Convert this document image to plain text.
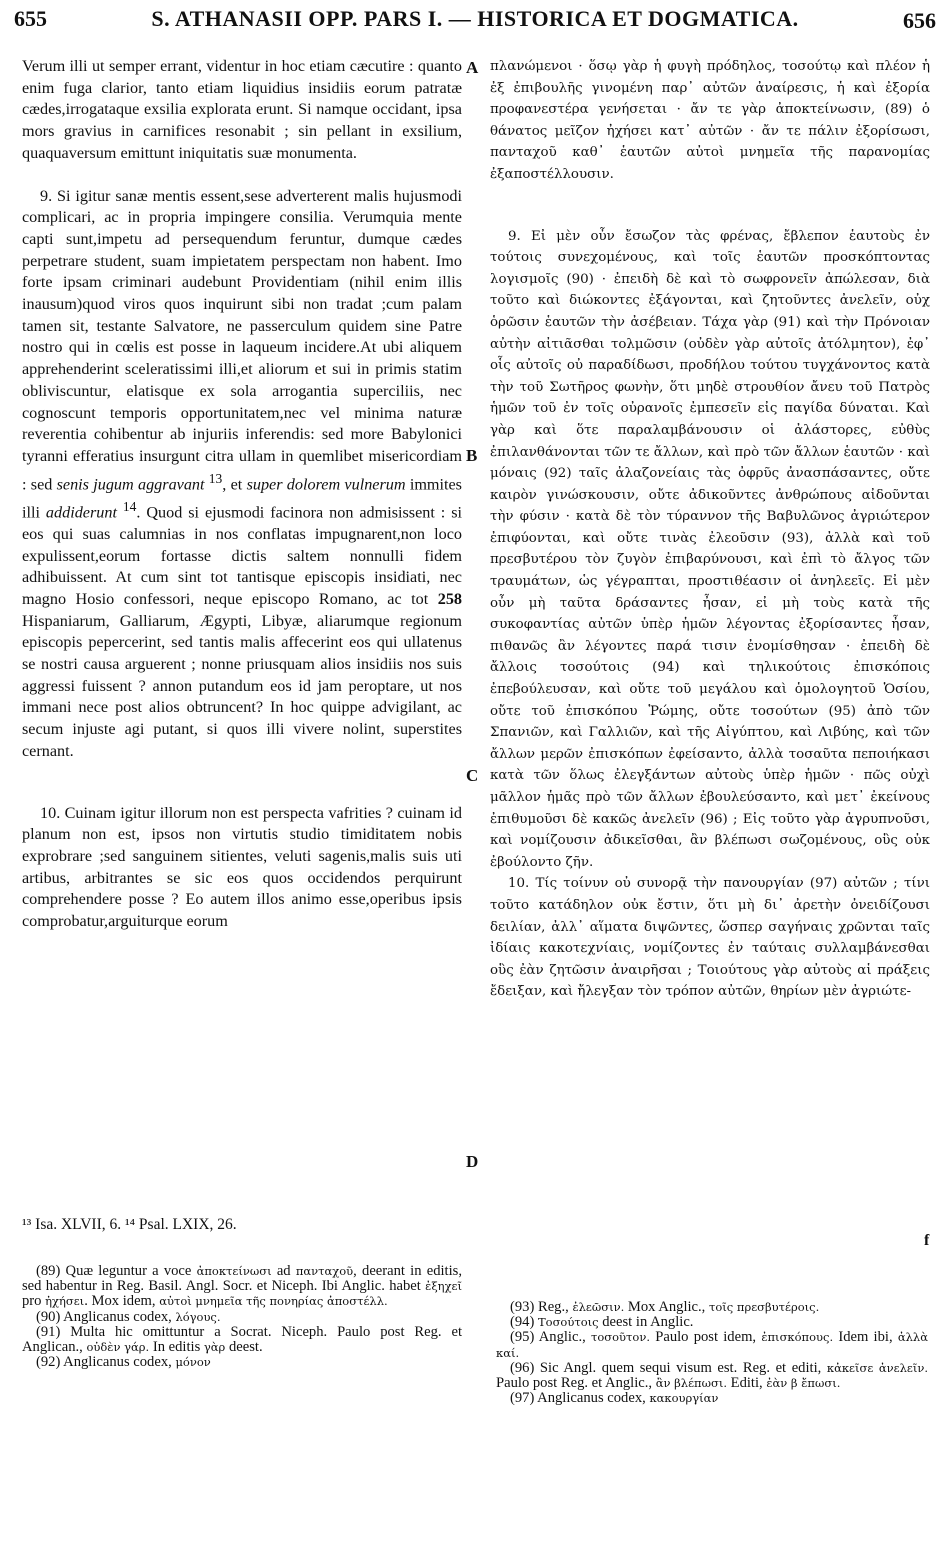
655	S. ATHANASII OPP. PARS I. — HISTORICA ET DOGMATICA.	656

Verum illi ut semper errant, videntur in hoc etiam cæcutire : quanto enim fuga clarior, tanto etiam liquidius insidiis eorum patratæ cædes,irrogataque exsilia explorata erunt. Si namque occidant, ipsa mors gravius in carnifices resonabit ; sin pellant in exsilium, quaquaversum emittunt iniquitatis suæ monumenta.

9. Si igitur sanæ mentis essent,sese adverterent malis hujusmodi complicari, ac in propria impingere consilia. Verumquia mente capti sunt,impetu ad persequendum feruntur, dumque cædes perpetrare student, suam impietatem perspectam non habent. Imo forte ipsam criminari audebunt Providentiam (nihil enim illis inausum)quod viros quos inquirunt sibi non tradat ;cum palam tamen sit, testante Salvatore, ne passerculum quidem sine Patre nostro qui in cœlis est posse in laqueum incidere.At ubi aliquem apprehenderint sceleratissimi illi,et aliorum et sui in primis statim obliviscuntur, elatisque ex sola arrogantia superciliis, nec cognoscunt temporis opportunitatem,nec vel minima naturæ reverentia cohibentur ab injuriis inferendis: sed more Babylonici tyranni efferatius insurgunt citra ullam in quemlibet misericordiam : sed senis jugum aggravant $^{13}$, et super dolorem vulnerum immites illi addiderunt $^{14}$. Quod si ejusmodi facinora non admisissent : si eos qui suas calumnias in nos conflatas impugnarent,non loco expulissent,eorum fortasse dictis saltem nonnulli fidem adhibuissent. At cum sint tot tantisque episcopis insidiati, nec magno Hosio confessori, neque episcopo Romano, ac tot 258 Hispaniarum, Galliarum, Ægypti, Libyæ, aliarumque regionum episcopis pepercerint, sed tantis malis affecerint eos qui ullatenus se nostri causa arguerent ; nonne priusquam alios insidiis nos suis aggressi fuissent ? annon putandum eos id jam peroptare, ut nos immani nece post alios obtruncent? In hoc quippe advigilant, ac secum injuste agi putant, si quos illi vivere nolint, superstites cernant.

10. Cuinam igitur illorum non est perspecta vafrities ? cuinam id planum non est, ipsos non virtutis studio timiditatem nobis exprobrare ;sed sanguinem sitientes, veluti sagenis,malis suis uti artibus, arbitrantes se sic eos quos occidendos perquirunt comprehendere posse ? Eo autem illos animo esse,operibus ipsis comprobatur,arguiturque eorum

A
B
C
D

πλανώμενοι · ὅσῳ γὰρ ἡ φυγὴ πρόδηλος, τοσούτῳ καὶ πλέον ἡ ἐξ ἐπιβουλῆς γινομένη παρ᾽ αὐτῶν ἀναίρεσις, ἡ καὶ ἐξορία προφανεστέρα γενήσεται · ἄν τε γὰρ ἀποκτείνωσιν, (89) ὁ θάνατος μεῖζον ἠχήσει κατ᾽ αὐτῶν · ἄν τε πάλιν ἐξορίσωσι, πανταχοῦ καθ᾽ ἑαυτῶν αὐτοὶ μνημεῖα τῆς παρανομίας ἐξαποστέλλουσιν.

9. Εἰ μὲν οὖν ἔσωζον τὰς φρένας, ἔβλεπον ἑαυτοὺς ἐν τούτοις συνεχομένους, καὶ τοῖς ἑαυτῶν προσκόπτοντας λογισμοῖς (90) · ἐπειδὴ δὲ καὶ τὸ σωφρονεῖν ἀπώλεσαν, διὰ τοῦτο καὶ διώκοντες ἐξάγονται, καὶ ζητοῦντες ἀνελεῖν, οὐχ ὁρῶσιν ἑαυτῶν τὴν ἀσέβειαν. Τάχα γὰρ (91) καὶ τὴν Πρόνοιαν αὐτὴν αἰτιᾶσθαι τολμῶσιν (οὐδὲν γὰρ αὐτοῖς ἀτόλμητον), ἐφ᾽ οἷς αὐτοῖς οὐ παραδίδωσι, προδήλου τούτου τυγχάνοντος κατὰ τὴν τοῦ Σωτῆρος φωνὴν, ὅτι μηδὲ στρουθίον ἄνευ τοῦ Πατρὸς ἡμῶν τοῦ ἐν τοῖς οὐρανοῖς ἐμπεσεῖν εἰς παγίδα δύναται. Καὶ γὰρ καὶ ὅτε παραλαμβάνουσιν οἱ ἀλάστορες, εὐθὺς ἐπιλανθάνονται τῶν τε ἄλλων, καὶ πρὸ τῶν ἄλλων ἑαυτῶν · καὶ μόναις (92) ταῖς ἀλαζονείαις τὰς ὀφρῦς ἀνασπάσαντες, οὔτε καιρὸν γινώσκουσιν, οὔτε ἀδικοῦντες ἀνθρώπους αἰδοῦνται τὴν φύσιν · κατὰ δὲ τὸν τύραννον τῆς Βαβυλῶνος ἀγριώτερον ἐπιφύονται, καὶ οὔτε τινὰς ἐλεοῦσιν (93), ἀλλὰ καὶ τοῦ πρεσβυτέρου τὸν ζυγὸν ἐπιβαρύνουσι, καὶ ἐπὶ τὸ ἄλγος τῶν τραυμάτων, ὡς γέγραπται, προστιθέασιν οἱ ἀνηλεεῖς. Εἰ μὲν οὖν μὴ ταῦτα δράσαντες ἦσαν, εἰ μὴ τοὺς κατὰ τῆς συκοφαντίας αὐτῶν ὑπὲρ ἡμῶν λέγοντας ἐξορίσαντες ἦσαν, πιθανῶς ἂν λέγοντες παρά τισιν ἐνομίσθησαν · ἐπειδὴ δὲ ἄλλοις τοσούτοις (94) καὶ τηλικούτοις ἐπισκόποις ἐπεβούλευσαν, καὶ οὔτε τοῦ μεγάλου καὶ ὁμολογητοῦ Ὁσίου, οὔτε τοῦ ἐπισκόπου Ῥώμης, οὔτε τοσούτων (95) ἀπὸ τῶν Σπανιῶν, καὶ Γαλλιῶν, καὶ τῆς Αἰγύπτου, καὶ Λιβύης, καὶ τῶν ἄλλων μερῶν ἐπισκόπων ἐφείσαντο, ἀλλὰ τοσαῦτα πεποιήκασι κατὰ τῶν ὅλως ἐλεγξάντων αὐτοὺς ὑπὲρ ἡμῶν · πῶς οὐχὶ μᾶλλον ἡμᾶς πρὸ τῶν ἄλλων ἐβουλεύσαντο, καὶ μετ᾽ ἐκείνους ἐπιθυμοῦσι δὲ κακῶς ἀνελεῖν (96) ; Εἰς τοῦτο γὰρ ἀγρυπνοῦσι, καὶ νομίζουσιν ἀδικεῖσθαι, ἂν βλέπωσι σωζομένους, οὓς οὐκ ἐβούλοντο ζῆν.

10. Τίς τοίνυν οὐ συνορᾷ τὴν πανουργίαν (97) αὐτῶν ; τίνι τοῦτο κατάδηλον οὐκ ἔστιν, ὅτι μὴ δι᾽ ἀρετὴν ὀνειδίζουσι δειλίαν, ἀλλ᾽ αἵματα διψῶντες, ὥσπερ σαγήναις χρῶνται ταῖς ἰδίαις κακοτεχνίαις, νομίζοντες ἐν ταύταις συλλαμβάνεσθαι οὓς ἐὰν ζητῶσιν ἀναιρῆσαι ; Τοιούτους γὰρ αὐτοὺς αἱ πράξεις ἔδειξαν, καὶ ἤλεγξαν τὸν τρόπον αὐτῶν, θηρίων μὲν ἀγριώτε-

¹³ Isa. XLVII, 6. ¹⁴ Psal. LXIX, 26.
f

(89) Quæ leguntur a voce ἀποκτείνωσι ad πανταχοῦ, deerant in editis, sed habentur in Reg. Basil. Angl. Socr. et Niceph. Ibi Anglic. habet ἐξηχεῖ pro ἠχήσει. Mox idem, αὐτοὶ μνημεῖα τῆς πονηρίας ἀποστέλλ.

(90) Anglicanus codex, λόγους.

(91) Multa hic omittuntur a Socrat. Niceph. Paulo post Reg. et Anglican., οὐδὲν γάρ. In editis γὰρ deest.

(92) Anglicanus codex, μόνον

(93) Reg., ἐλεῶσιν. Mox Anglic., τοῖς πρεσβυτέροις.

(94) Τοσούτοις deest in Anglic.

(95) Anglic., τοσοῦτον. Paulo post idem, ἐπισκόπους. Idem ibi, ἀλλὰ καί.

(96) Sic Angl. quem sequi visum est. Reg. et editi, κἀκεῖσε ἀνελεῖν. Paulo post Reg. et Anglic., ἂν βλέπωσι. Editi, ἐὰν β ἔπωσι.

(97) Anglicanus codex, κακουργίαν
